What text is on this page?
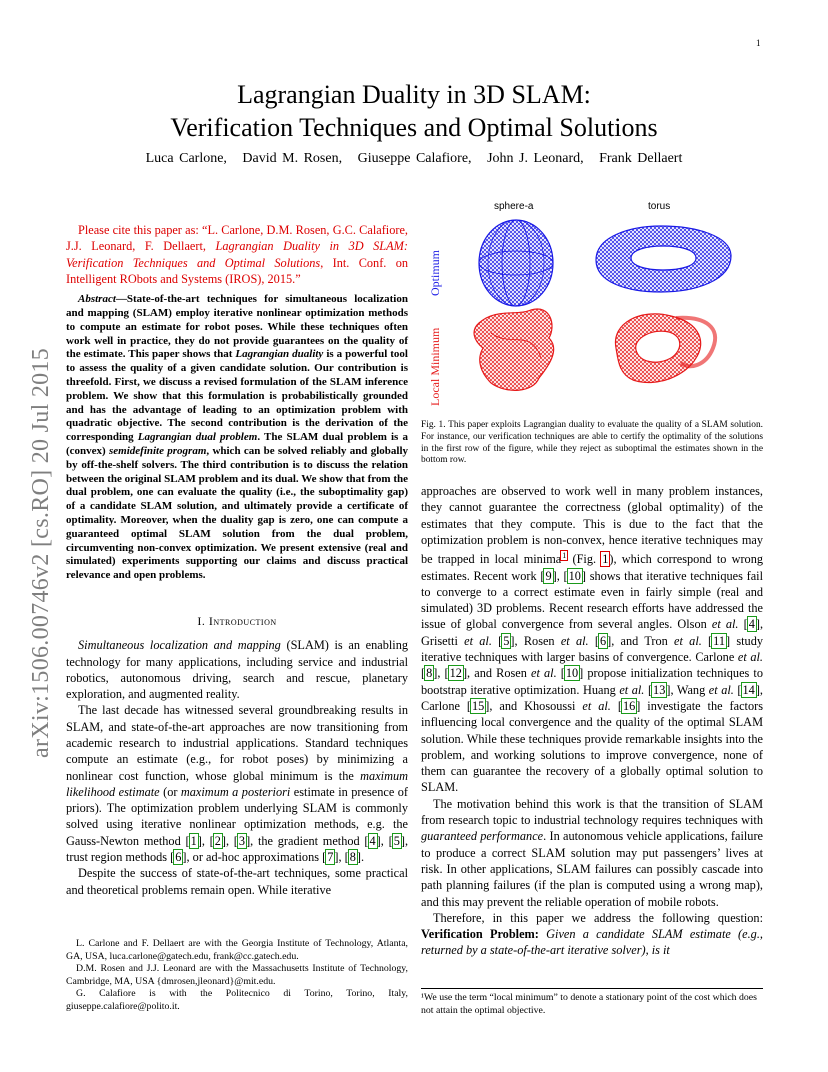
1
Lagrangian Duality in 3D SLAM:
Verification Techniques and Optimal Solutions
Luca Carlone, David M. Rosen, Giuseppe Calafiore, John J. Leonard, Frank Dellaert
arXiv:1506.00746v2 [cs.RO] 20 Jul 2015

Please cite this paper as: “L. Carlone, D.M. Rosen, G.C. Calafiore, J.J. Leonard, F. Dellaert, Lagrangian Duality in 3D SLAM: Verification Techniques and Optimal Solutions, Int. Conf. on Intelligent RObots and Systems (IROS), 2015.”

Abstract—State-of-the-art techniques for simultaneous localization and mapping (SLAM) employ iterative nonlinear optimization methods to compute an estimate for robot poses. While these techniques often work well in practice, they do not provide guarantees on the quality of the estimate. This paper shows that Lagrangian duality is a powerful tool to assess the quality of a given candidate solution. Our contribution is threefold. First, we discuss a revised formulation of the SLAM inference problem. We show that this formulation is probabilistically grounded and has the advantage of leading to an optimization problem with quadratic objective. The second contribution is the derivation of the corresponding Lagrangian dual problem. The SLAM dual problem is a (convex) semidefinite program, which can be solved reliably and globally by off-the-shelf solvers. The third contribution is to discuss the relation between the original SLAM problem and its dual. We show that from the dual problem, one can evaluate the quality (i.e., the suboptimality gap) of a candidate SLAM solution, and ultimately provide a certificate of optimality. Moreover, when the duality gap is zero, one can compute a guaranteed optimal SLAM solution from the dual problem, circumventing non-convex optimization. We present extensive (real and simulated) experiments supporting our claims and discuss practical relevance and open problems.

I. Introduction

Simultaneous localization and mapping (SLAM) is an enabling technology for many applications, including service and industrial robotics, autonomous driving, search and rescue, planetary exploration, and augmented reality.

The last decade has witnessed several groundbreaking results in SLAM, and state-of-the-art approaches are now transitioning from academic research to industrial applications. Standard techniques compute an estimate (e.g., for robot poses) by minimizing a nonlinear cost function, whose global minimum is the maximum likelihood estimate (or maximum a posteriori estimate in presence of priors). The optimization problem underlying SLAM is commonly solved using iterative nonlinear optimization methods, e.g. the Gauss-Newton method [1], [2], [3], the gradient method [4], [5], trust region methods [6], or ad-hoc approximations [7], [8].

Despite the success of state-of-the-art techniques, some practical and theoretical problems remain open. While iterative

L. Carlone and F. Dellaert are with the Georgia Institute of Technology, Atlanta, GA, USA, luca.carlone@gatech.edu, frank@cc.gatech.edu.

D.M. Rosen and J.J. Leonard are with the Massachusetts Institute of Technology, Cambridge, MA, USA {dmrosen,jleonard}@mit.edu.

G. Calafiore is with the Politecnico di Torino, Torino, Italy, giuseppe.calafiore@polito.it.

sphere-a	torus
Optimum
Local Minimum
Fig. 1. This paper exploits Lagrangian duality to evaluate the quality of a SLAM solution. For instance, our verification techniques are able to certify the optimality of the solutions in the first row of the figure, while they reject as suboptimal the estimates shown in the bottom row.

approaches are observed to work well in many problem instances, they cannot guarantee the correctness (global optimality) of the estimates that they compute. This is due to the fact that the optimization problem is non-convex, hence iterative techniques may be trapped in local minima$^1$ (Fig. 1), which correspond to wrong estimates. Recent work [9], [10] shows that iterative techniques fail to converge to a correct estimate even in fairly simple (real and simulated) 3D problems. Recent research efforts have addressed the issue of global convergence from several angles. Olson et al. [4], Grisetti et al. [5], Rosen et al. [6], and Tron et al. [11] study iterative techniques with larger basins of convergence. Carlone et al. [8], [12], and Rosen et al. [10] propose initialization techniques to bootstrap iterative optimization. Huang et al. [13], Wang et al. [14], Carlone [15], and Khosoussi et al. [16] investigate the factors influencing local convergence and the quality of the optimal SLAM solution. While these techniques provide remarkable insights into the problem, and working solutions to improve convergence, none of them can guarantee the recovery of a globally optimal solution to SLAM.

The motivation behind this work is that the transition of SLAM from research topic to industrial technology requires techniques with guaranteed performance. In autonomous vehicle applications, failure to produce a correct SLAM solution may put passengers’ lives at risk. In other applications, SLAM failures can possibly cascade into path planning failures (if the plan is computed using a wrong map), and this may prevent the reliable operation of mobile robots.

Therefore, in this paper we address the following question: Verification Problem: Given a candidate SLAM estimate (e.g., returned by a state-of-the-art iterative solver), is it

¹We use the term “local minimum” to denote a stationary point of the cost which does not attain the optimal objective.
